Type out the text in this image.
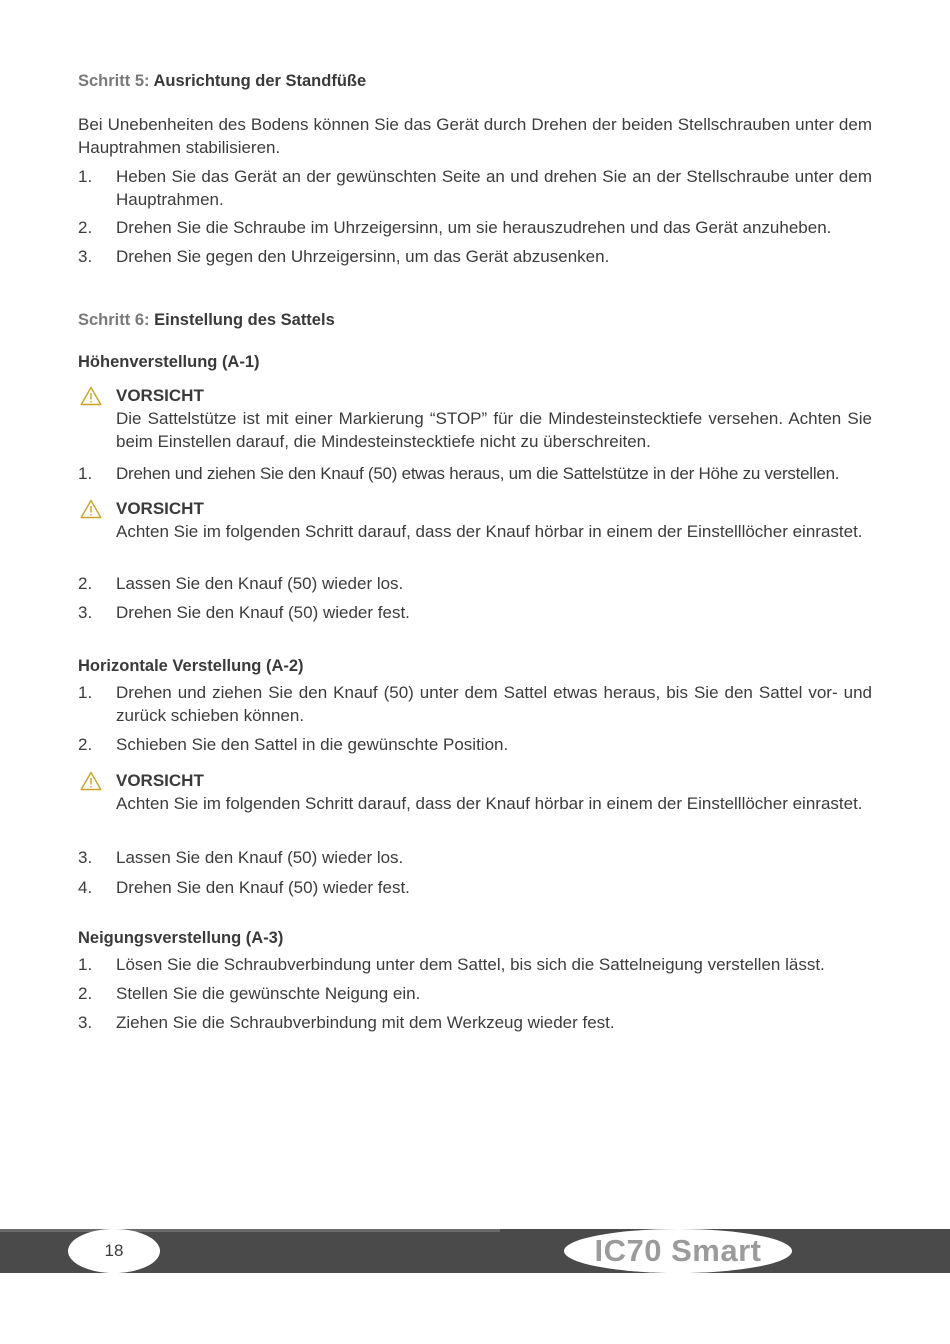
Schritt 5: Ausrichtung der Standfüße
Bei Unebenheiten des Bodens können Sie das Gerät durch Drehen der beiden Stellschrauben unter dem Hauptrahmen stabilisieren.
1.	Heben Sie das Gerät an der gewünschten Seite an und drehen Sie an der Stellschraube unter dem Hauptrahmen.
2.	Drehen Sie die Schraube im Uhrzeigersinn, um sie herauszudrehen und das Gerät anzuheben.
3.	Drehen Sie gegen den Uhrzeigersinn, um das Gerät abzusenken.
Schritt 6: Einstellung des Sattels
Höhenverstellung (A-1)
VORSICHT
Die Sattelstütze ist mit einer Markierung “STOP” für die Mindesteinstecktiefe versehen. Achten Sie beim Einstellen darauf, die Mindesteinstecktiefe nicht zu überschreiten.
1.	Drehen und ziehen Sie den Knauf (50) etwas heraus, um die Sattelstütze in der Höhe zu verstellen.
VORSICHT
Achten Sie im folgenden Schritt darauf, dass der Knauf hörbar in einem der Einstelllöcher einrastet.
2.	Lassen Sie den Knauf (50) wieder los.
3.	Drehen Sie den Knauf (50) wieder fest.
Horizontale Verstellung (A-2)
1.	Drehen und ziehen Sie den Knauf (50) unter dem Sattel etwas heraus, bis Sie den Sattel vor- und zurück schieben können.
2.	Schieben Sie den Sattel in die gewünschte Position.
VORSICHT
Achten Sie im folgenden Schritt darauf, dass der Knauf hörbar in einem der Einstelllöcher einrastet.
3.	Lassen Sie den Knauf (50) wieder los.
4.	Drehen Sie den Knauf (50) wieder fest.
Neigungsverstellung (A-3)
1.	Lösen Sie die Schraubverbindung unter dem Sattel, bis sich die Sattelneigung verstellen lässt.
2.	Stellen Sie die gewünschte Neigung ein.
3.	Ziehen Sie die Schraubverbindung mit dem Werkzeug wieder fest.
18	IC70 Smart
